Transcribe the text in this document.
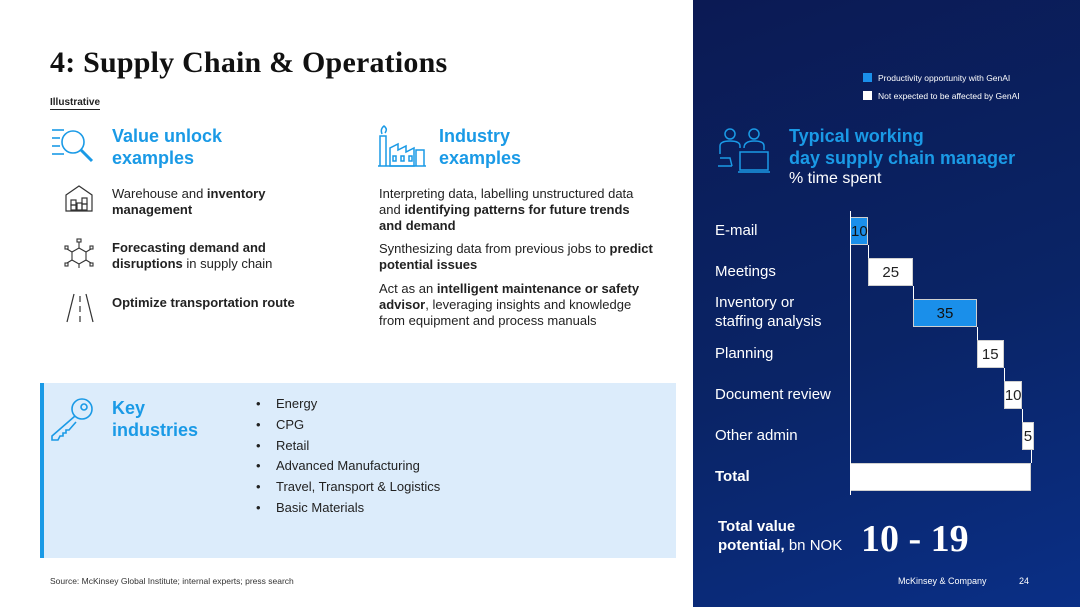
4: Supply Chain & Operations
Illustrative
Value unlock
examples
Warehouse and inventory
management
Forecasting demand and
disruptions in supply chain
Optimize transportation route
Industry
examples
Interpreting data, labelling unstructured data
and identifying patterns for future trends
and demand
Synthesizing data from previous jobs to predict
potential issues
Act as an intelligent maintenance or safety
advisor, leveraging insights and knowledge
from equipment and process manuals
Key
industries
• Energy
• CPG
• Retail
• Advanced Manufacturing
• Travel, Transport & Logistics
• Basic Materials
Source: McKinsey Global Institute; internal experts; press search
Productivity opportunity with GenAI
Not expected to be affected by GenAI
Typical working
day supply chain manager
% time spent
E-mail	10
Meetings	25
Inventory or
staffing analysis	35
Planning	15
Document review	10
Other admin	5
Total
Total value
potential, bn NOK 10 - 19
McKinsey & Company	24
